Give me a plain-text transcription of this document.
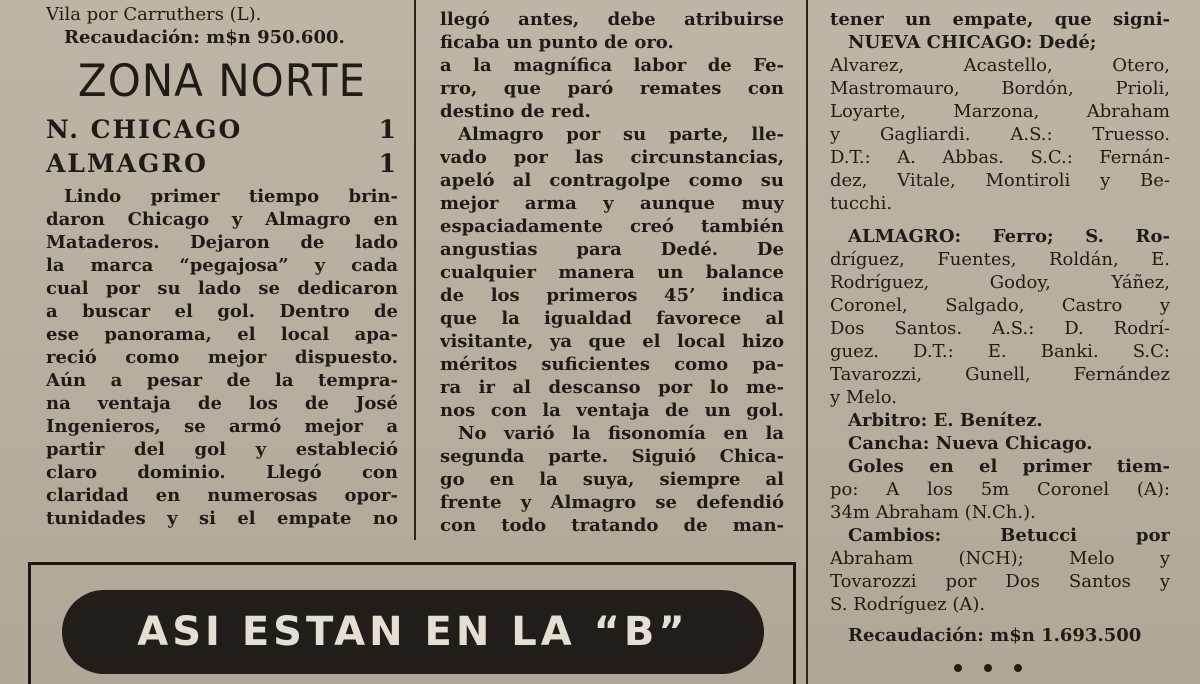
Vila por Carruthers (L).
Recaudación: m$n 950.600.
ZONA NORTE
N. CHICAGO	1
ALMAGRO	1
Lindo primer tiempo brin-
daron Chicago y Almagro en
Mataderos. Dejaron de lado
la marca “pegajosa” y cada
cual por su lado se dedicaron
a buscar el gol. Dentro de
ese panorama, el local apa-
reció como mejor dispuesto.
Aún a pesar de la tempra-
na ventaja de los de José
Ingenieros, se armó mejor a
partir del gol y estableció
claro dominio. Llegó con
claridad en numerosas opor-
tunidades y si el empate no
llegó antes, debe atribuirse
ficaba un punto de oro.
a la magnífica labor de Fe-
rro, que paró remates con
destino de red.
Almagro por su parte, lle-
vado por las circunstancias,
apeló al contragolpe como su
mejor arma y aunque muy
espaciadamente creó también
angustias para Dedé. De
cualquier manera un balance
de los primeros 45’ indica
que la igualdad favorece al
visitante, ya que el local hizo
méritos suficientes como pa-
ra ir al descanso por lo me-
nos con la ventaja de un gol.
No varió la fisonomía en la
segunda parte. Siguió Chica-
go en la suya, siempre al
frente y Almagro se defendió
con todo tratando de man-
tener un empate, que signi-
NUEVA CHICAGO: Dedé;
Alvarez, Acastello, Otero,
Mastromauro, Bordón, Prioli,
Loyarte, Marzona, Abraham
y Gagliardi. A.S.: Truesso.
D.T.: A. Abbas. S.C.: Fernán-
dez, Vitale, Montiroli y Be-
tucchi.
ALMAGRO: Ferro; S. Ro-
dríguez, Fuentes, Roldán, E.
Rodríguez, Godoy, Yáñez,
Coronel, Salgado, Castro y
Dos Santos. A.S.: D. Rodrí-
guez. D.T.: E. Banki. S.C:
Tavarozzi, Gunell, Fernández
y Melo.
Arbitro: E. Benítez.
Cancha: Nueva Chicago.
Goles en el primer tiem-
po: A los 5m Coronel (A):
34m Abraham (N.Ch.).
Cambios: Betucci por
Abraham (NCH); Melo y
Tovarozzi por Dos Santos y
S. Rodríguez (A).
Recaudación: m$n 1.693.500
ASI ESTAN EN LA “B”
